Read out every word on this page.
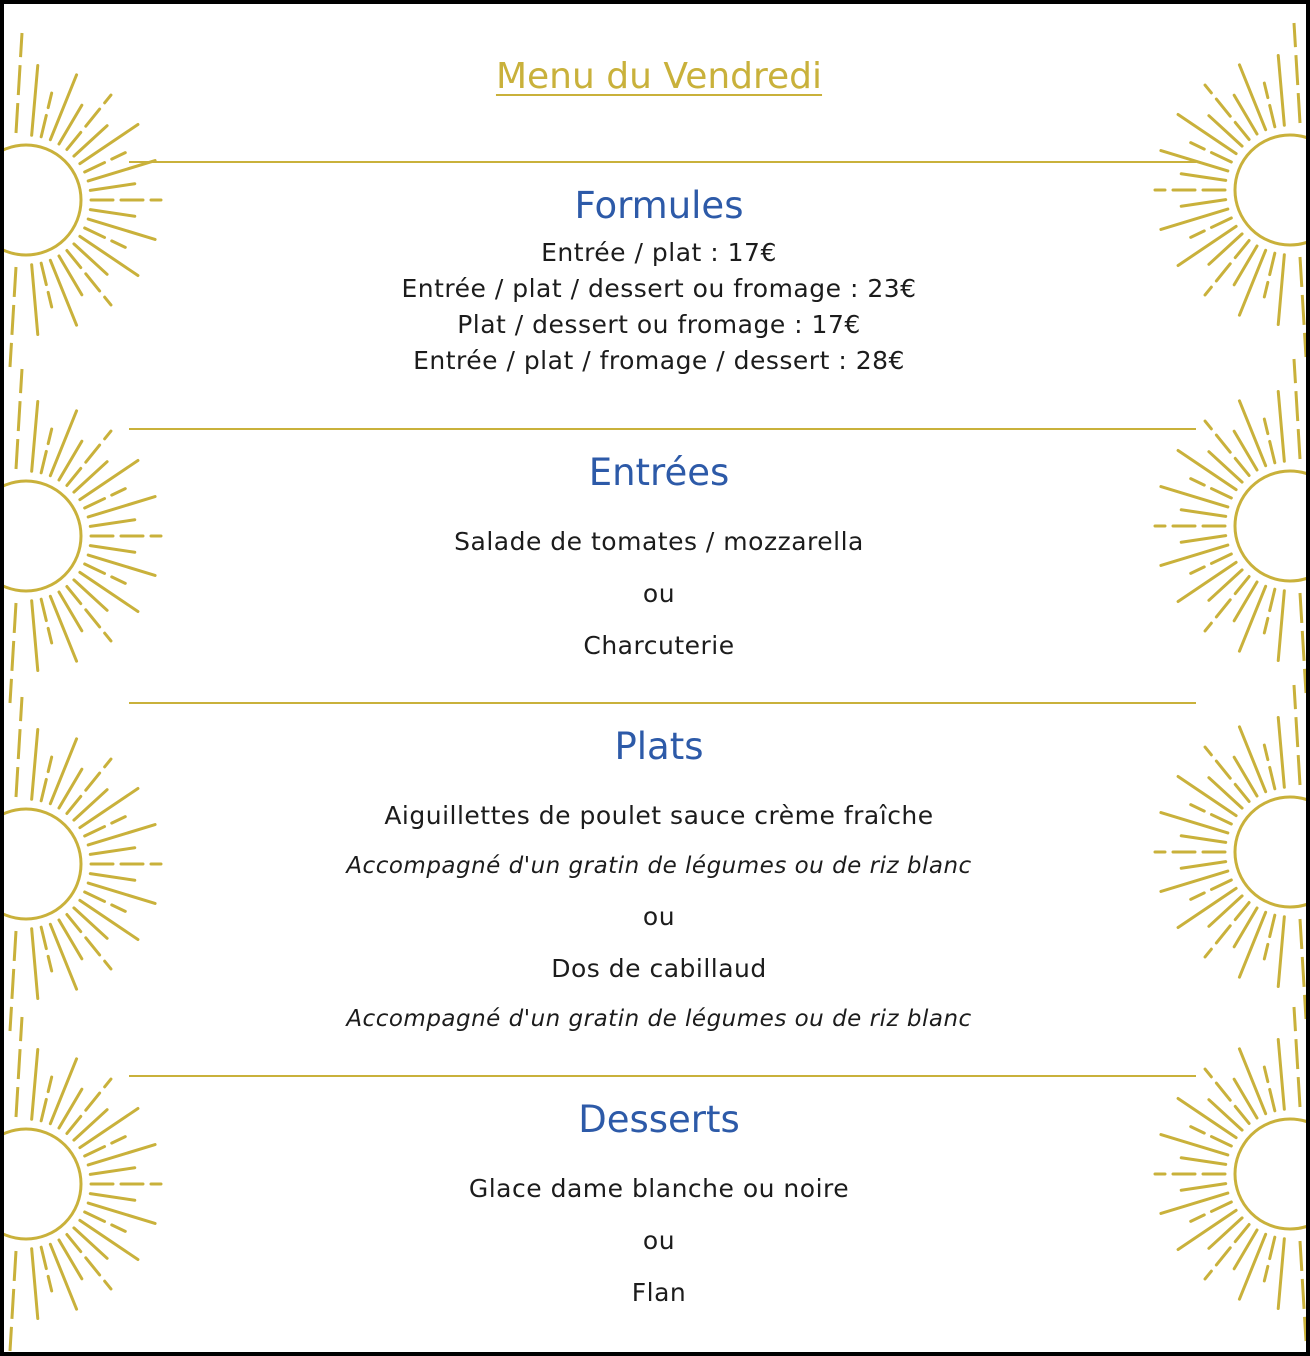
Menu du Vendredi
Formules
Entrée / plat : 17€
Entrée / plat / dessert ou fromage : 23€
Plat / dessert ou fromage : 17€
Entrée / plat / fromage / dessert : 28€
Entrées
Salade de tomates / mozzarella
ou
Charcuterie
Plats
Aiguillettes de poulet sauce crème fraîche
Accompagné d'un gratin de légumes ou de riz blanc
ou
Dos de cabillaud
Accompagné d'un gratin de légumes ou de riz blanc
Desserts
Glace dame blanche ou noire
ou
Flan
